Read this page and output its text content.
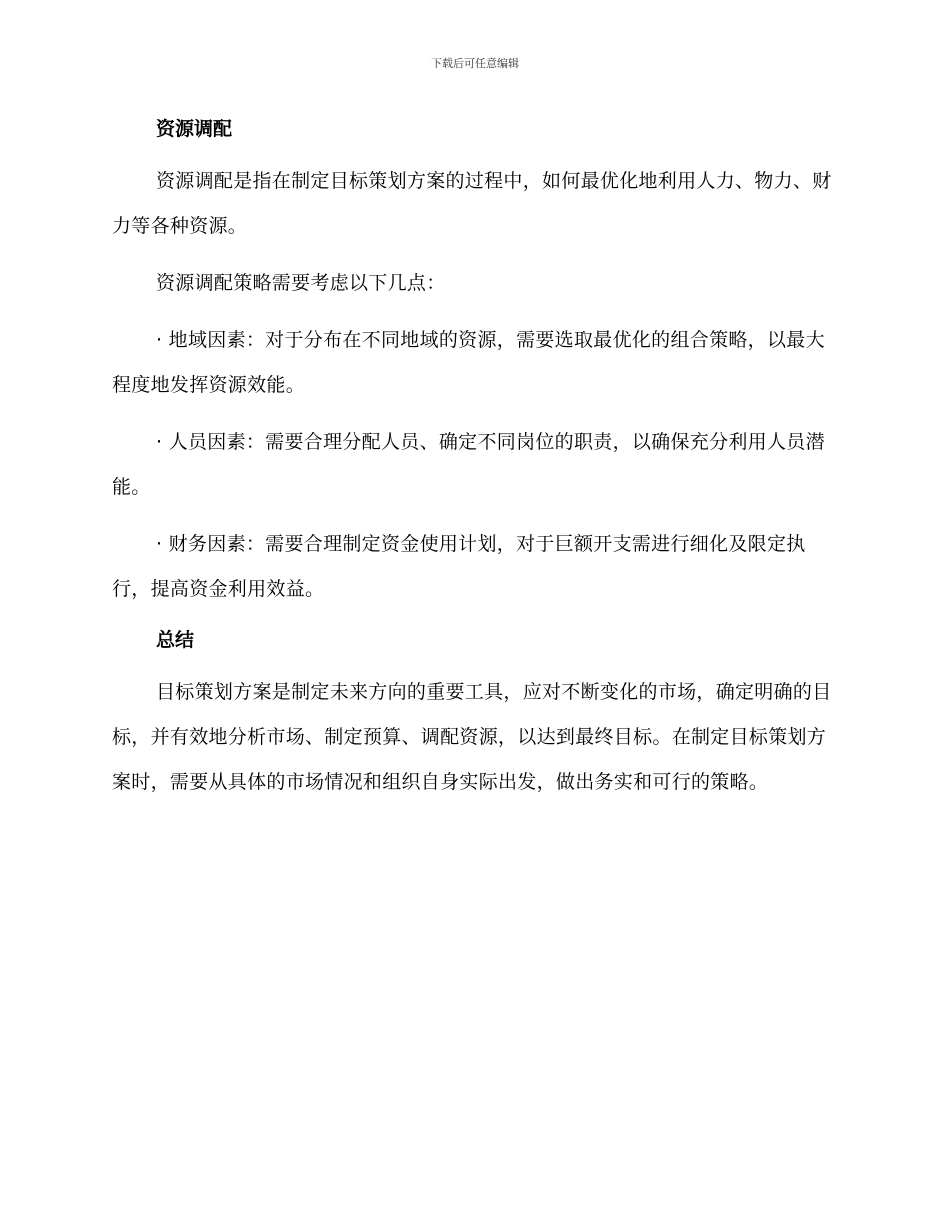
下载后可任意编辑
资源调配

资源调配是指在制定目标策划方案的过程中，如何最优化地利用人力、物力、财力等各种资源。

资源调配策略需要考虑以下几点：

· 地域因素：对于分布在不同地域的资源，需要选取最优化的组合策略，以最大程度地发挥资源效能。

· 人员因素：需要合理分配人员、确定不同岗位的职责，以确保充分利用人员潜能。

· 财务因素：需要合理制定资金使用计划，对于巨额开支需进行细化及限定执行，提高资金利用效益。

总结

目标策划方案是制定未来方向的重要工具，应对不断变化的市场，确定明确的目标，并有效地分析市场、制定预算、调配资源，以达到最终目标。在制定目标策划方案时，需要从具体的市场情况和组织自身实际出发，做出务实和可行的策略。
